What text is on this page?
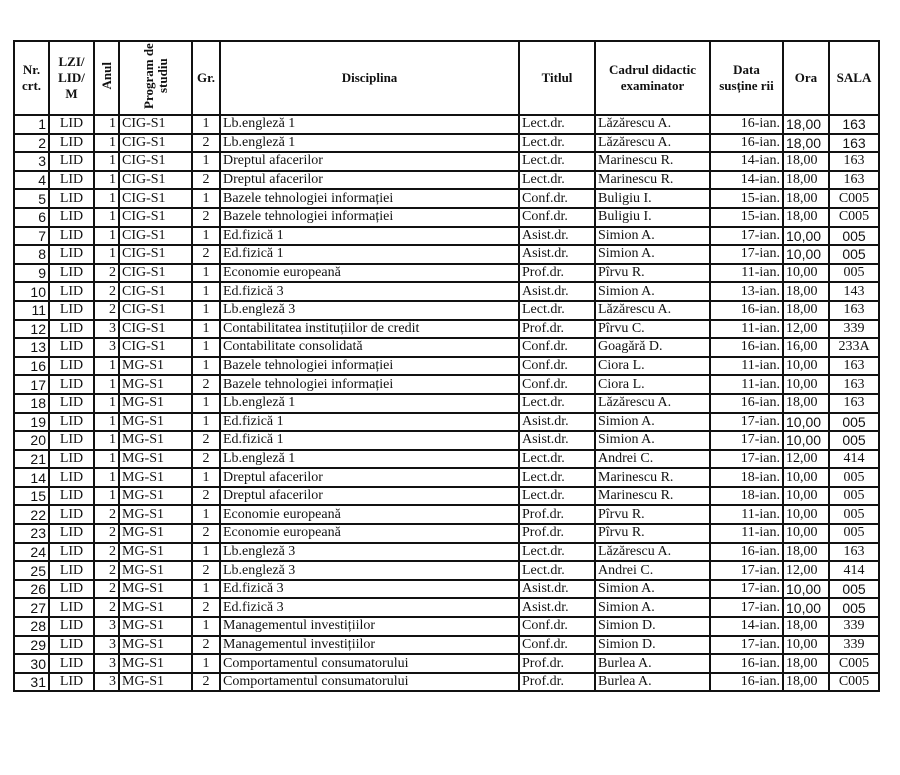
Nr. crt.	LZI/ LID/ M	Anul	Program de studiu	Gr.	Disciplina	Titlul	Cadrul didactic examinator	Data susține rii	Ora	SALA
1	LID	1	CIG-S1	1	Lb.engleză 1	Lect.dr.	Lăzărescu A.	16-ian.	18,00	163
2	LID	1	CIG-S1	2	Lb.engleză 1	Lect.dr.	Lăzărescu A.	16-ian.	18,00	163
3	LID	1	CIG-S1	1	Dreptul afacerilor	Lect.dr.	Marinescu R.	14-ian.	18,00	163
4	LID	1	CIG-S1	2	Dreptul afacerilor	Lect.dr.	Marinescu R.	14-ian.	18,00	163
5	LID	1	CIG-S1	1	Bazele tehnologiei informației	Conf.dr.	Buligiu I.	15-ian.	18,00	C005
6	LID	1	CIG-S1	2	Bazele tehnologiei informației	Conf.dr.	Buligiu I.	15-ian.	18,00	C005
7	LID	1	CIG-S1	1	Ed.fizică 1	Asist.dr.	Simion A.	17-ian.	10,00	005
8	LID	1	CIG-S1	2	Ed.fizică 1	Asist.dr.	Simion A.	17-ian.	10,00	005
9	LID	2	CIG-S1	1	Economie europeană	Prof.dr.	Pîrvu R.	11-ian.	10,00	005
10	LID	2	CIG-S1	1	Ed.fizică 3	Asist.dr.	Simion A.	13-ian.	18,00	143
11	LID	2	CIG-S1	1	Lb.engleză 3	Lect.dr.	Lăzărescu A.	16-ian.	18,00	163
12	LID	3	CIG-S1	1	Contabilitatea instituțiilor de credit	Prof.dr.	Pîrvu C.	11-ian.	12,00	339
13	LID	3	CIG-S1	1	Contabilitate consolidată	Conf.dr.	Goagără D.	16-ian.	16,00	233A
16	LID	1	MG-S1	1	Bazele tehnologiei informației	Conf.dr.	Ciora L.	11-ian.	10,00	163
17	LID	1	MG-S1	2	Bazele tehnologiei informației	Conf.dr.	Ciora L.	11-ian.	10,00	163
18	LID	1	MG-S1	1	Lb.engleză 1	Lect.dr.	Lăzărescu A.	16-ian.	18,00	163
19	LID	1	MG-S1	1	Ed.fizică 1	Asist.dr.	Simion A.	17-ian.	10,00	005
20	LID	1	MG-S1	2	Ed.fizică 1	Asist.dr.	Simion A.	17-ian.	10,00	005
21	LID	1	MG-S1	2	Lb.engleză 1	Lect.dr.	Andrei C.	17-ian.	12,00	414
14	LID	1	MG-S1	1	Dreptul afacerilor	Lect.dr.	Marinescu R.	18-ian.	10,00	005
15	LID	1	MG-S1	2	Dreptul afacerilor	Lect.dr.	Marinescu R.	18-ian.	10,00	005
22	LID	2	MG-S1	1	Economie europeană	Prof.dr.	Pîrvu R.	11-ian.	10,00	005
23	LID	2	MG-S1	2	Economie europeană	Prof.dr.	Pîrvu R.	11-ian.	10,00	005
24	LID	2	MG-S1	1	Lb.engleză 3	Lect.dr.	Lăzărescu A.	16-ian.	18,00	163
25	LID	2	MG-S1	2	Lb.engleză 3	Lect.dr.	Andrei C.	17-ian.	12,00	414
26	LID	2	MG-S1	1	Ed.fizică 3	Asist.dr.	Simion A.	17-ian.	10,00	005
27	LID	2	MG-S1	2	Ed.fizică 3	Asist.dr.	Simion A.	17-ian.	10,00	005
28	LID	3	MG-S1	1	Managementul investițiilor	Conf.dr.	Simion D.	14-ian.	18,00	339
29	LID	3	MG-S1	2	Managementul investițiilor	Conf.dr.	Simion D.	17-ian.	10,00	339
30	LID	3	MG-S1	1	Comportamentul consumatorului	Prof.dr.	Burlea A.	16-ian.	18,00	C005
31	LID	3	MG-S1	2	Comportamentul consumatorului	Prof.dr.	Burlea A.	16-ian.	18,00	C005
